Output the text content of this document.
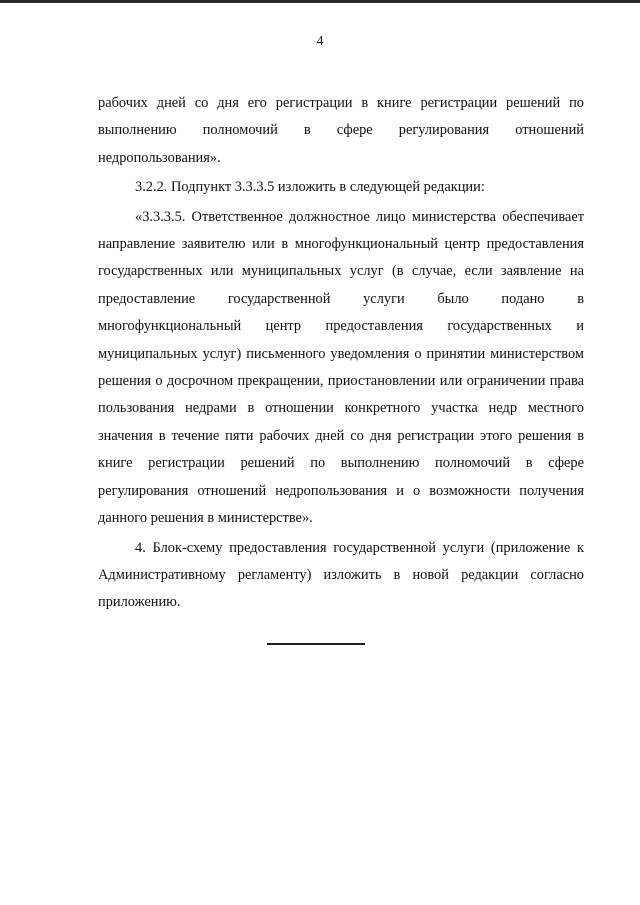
4

рабочих дней со дня его регистрации в книге регистрации решений по выполнению полномочий в сфере регулирования отношений недропользования».

3.2.2. Подпункт 3.3.3.5 изложить в следующей редакции:

«3.3.3.5. Ответственное должностное лицо министерства обеспечивает направление заявителю или в многофункциональный центр предоставления государственных или муниципальных услуг (в случае, если заявление на предоставление государственной услуги было подано в многофункциональный центр предоставления государственных и муниципальных услуг) письменного уведомления о принятии министерством решения о досрочном прекращении, приостановлении или ограничении права пользования недрами в отношении конкретного участка недр местного значения в течение пяти рабочих дней со дня регистрации этого решения в книге регистрации решений по выполнению полномочий в сфере регулирования отношений недропользования и о возможности получения данного решения в министерстве».

4. Блок-схему предоставления государственной услуги (приложение к Административному регламенту) изложить в новой редакции согласно приложению.
